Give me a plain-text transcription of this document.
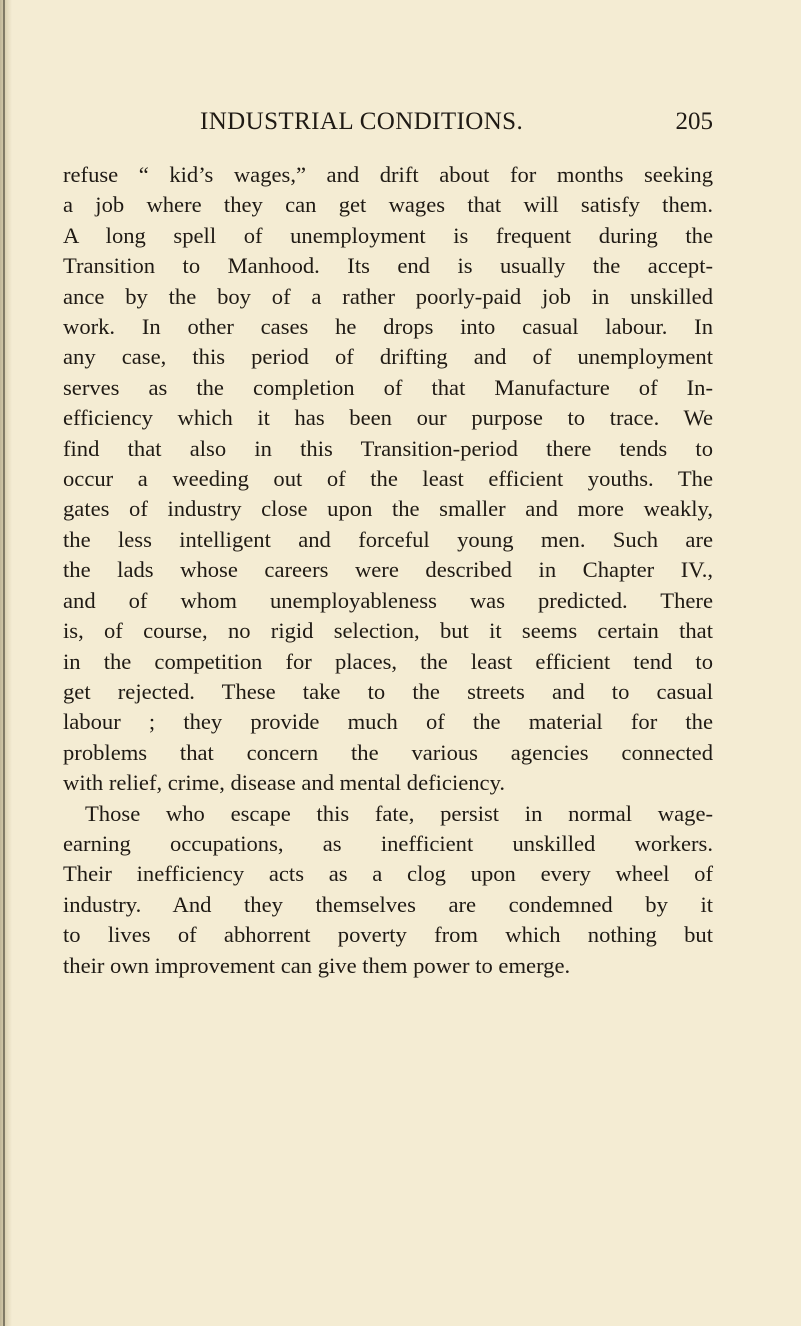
INDUSTRIAL CONDITIONS.	205

refuse “ kid’s wages,” and drift about for months seeking
a job where they can get wages that will satisfy them.
A long spell of unemployment is frequent during the
Transition to Manhood. Its end is usually the accept-
ance by the boy of a rather poorly-paid job in unskilled
work. In other cases he drops into casual labour. In
any case, this period of drifting and of unemployment
serves as the completion of that Manufacture of In-
efficiency which it has been our purpose to trace. We
find that also in this Transition-period there tends to
occur a weeding out of the least efficient youths. The
gates of industry close upon the smaller and more weakly,
the less intelligent and forceful young men. Such are
the lads whose careers were described in Chapter IV.,
and of whom unemployableness was predicted. There
is, of course, no rigid selection, but it seems certain that
in the competition for places, the least efficient tend to
get rejected. These take to the streets and to casual
labour ; they provide much of the material for the
problems that concern the various agencies connected
with relief, crime, disease and mental deficiency.

Those who escape this fate, persist in normal wage-
earning occupations, as inefficient unskilled workers.
Their inefficiency acts as a clog upon every wheel of
industry. And they themselves are condemned by it
to lives of abhorrent poverty from which nothing but
their own improvement can give them power to emerge.
